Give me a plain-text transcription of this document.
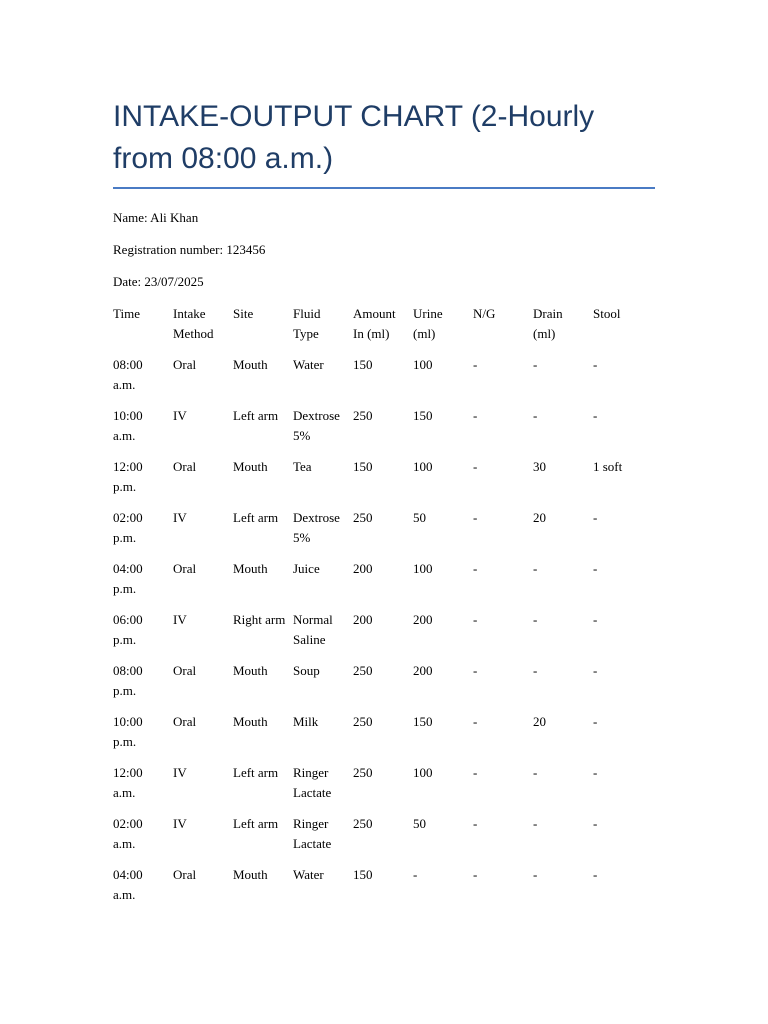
INTAKE-OUTPUT CHART (2-Hourly from 08:00 a.m.)

Name: Ali Khan

Registration number: 123456

Date: 23/07/2025

Time	Intake Method	Site	Fluid Type	Amount In (ml)	Urine (ml)	N/G	Drain (ml)	Stool
08:00 a.m.	Oral	Mouth	Water	150	100	-	-	-
10:00 a.m.	IV	Left arm	Dextrose 5%	250	150	-	-	-
12:00 p.m.	Oral	Mouth	Tea	150	100	-	30	1 soft
02:00 p.m.	IV	Left arm	Dextrose 5%	250	50	-	20	-
04:00 p.m.	Oral	Mouth	Juice	200	100	-	-	-
06:00 p.m.	IV	Right arm	Normal Saline	200	200	-	-	-
08:00 p.m.	Oral	Mouth	Soup	250	200	-	-	-
10:00 p.m.	Oral	Mouth	Milk	250	150	-	20	-
12:00 a.m.	IV	Left arm	Ringer Lactate	250	100	-	-	-
02:00 a.m.	IV	Left arm	Ringer Lactate	250	50	-	-	-
04:00 a.m.	Oral	Mouth	Water	150	-	-	-	-
